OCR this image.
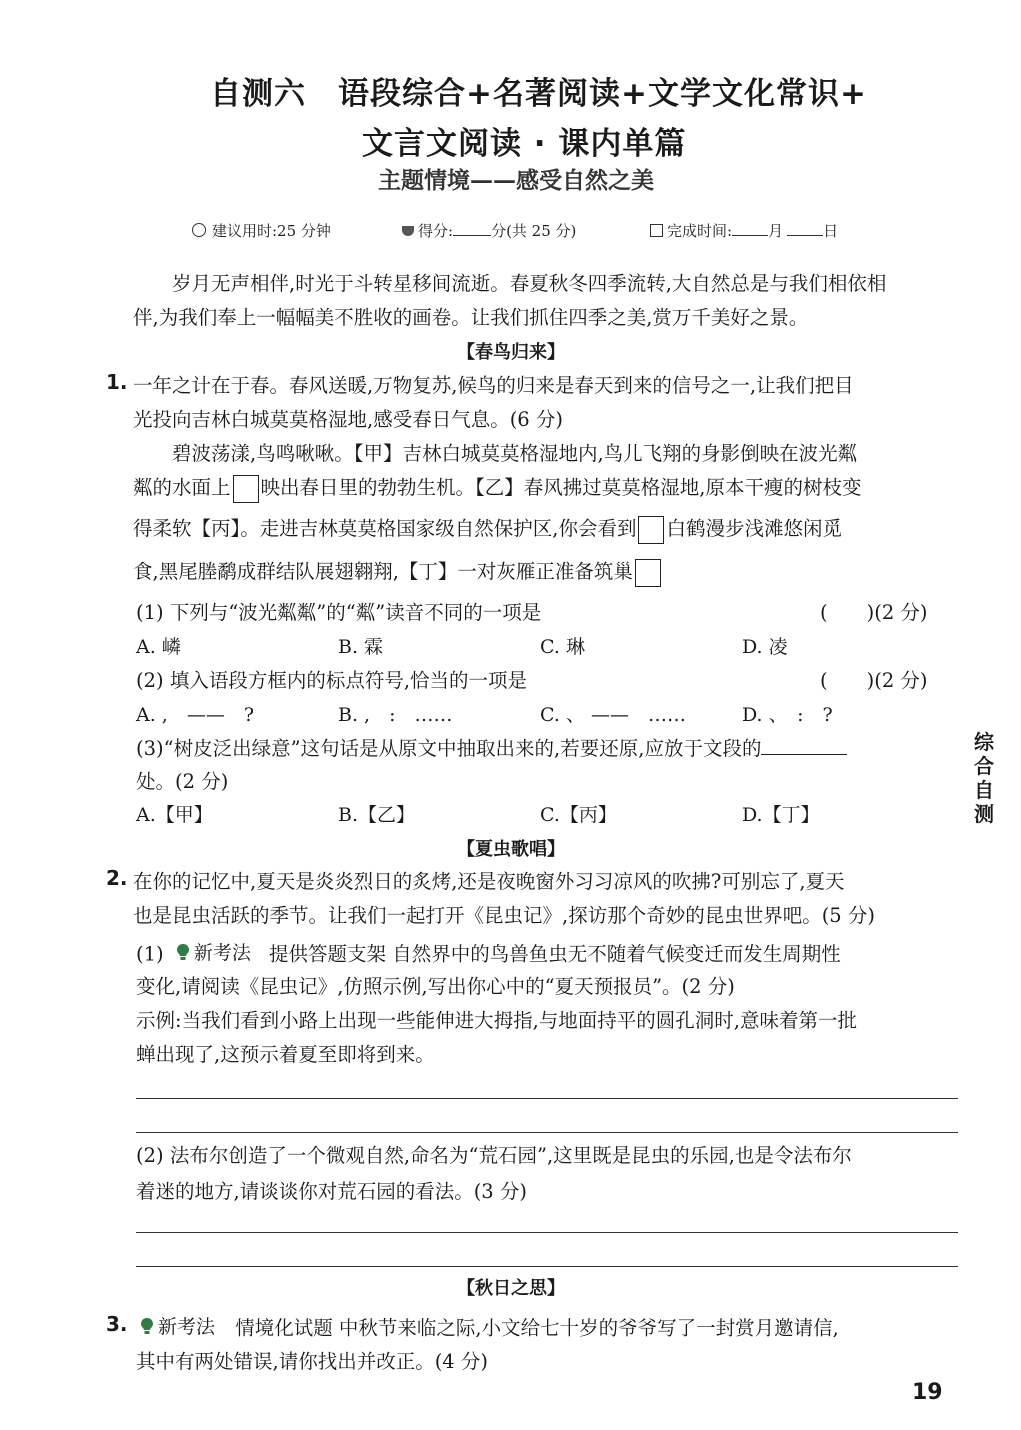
自测六　语段综合+名著阅读+文学文化常识+
文言文阅读 · 课内单篇
主题情境——感受自然之美
建议用时:25 分钟	得分:	分(共 25 分)	完成时间: 月	日
岁月无声相伴,时光于斗转星移间流逝。春夏秋冬四季流转,大自然总是与我们相依相
伴,为我们奉上一幅幅美不胜收的画卷。让我们抓住四季之美,赏万千美好之景。
【春鸟归来】
1. 一年之计在于春。春风送暖,万物复苏,候鸟的归来是春天到来的信号之一,让我们把目
光投向吉林白城莫莫格湿地,感受春日气息。(6 分)
碧波荡漾,鸟鸣啾啾。【甲】吉林白城莫莫格湿地内,鸟儿飞翔的身影倒映在波光粼
粼的水面上 映出春日里的勃勃生机。【乙】春风拂过莫莫格湿地,原本干瘦的树枝变
得柔软【丙】。走进吉林莫莫格国家级自然保护区,你会看到 白鹤漫步浅滩悠闲觅
食,黑尾塍鹬成群结队展翅翱翔,【丁】一对灰雁正准备筑巢
(1) 下列与“波光粼粼”的“粼”读音不同的一项是	(　　)(2 分)
A. 嶙	B. 霖	C. 琳	D. 凌
(2) 填入语段方框内的标点符号,恰当的一项是	(　　)(2 分)
A. ,　——　?	B. ,　:　……	C. 、 ——　……	D. 、　:　?
(3)“树皮泛出绿意”这句话是从原文中抽取出来的,若要还原,应放于文段的
处。(2 分)
A.【甲】	B.【乙】	C.【丙】	D.【丁】
【夏虫歌唱】
2. 在你的记忆中,夏天是炎炎烈日的炙烤,还是夜晚窗外习习凉风的吹拂?可别忘了,夏天
也是昆虫活跃的季节。让我们一起打开《昆虫记》,探访那个奇妙的昆虫世界吧。(5 分)
(1) 新考法 提供答题支架 自然界中的鸟兽鱼虫无不随着气候变迁而发生周期性
变化,请阅读《昆虫记》,仿照示例,写出你心中的“夏天预报员”。(2 分)
示例:当我们看到小路上出现一些能伸进大拇指,与地面持平的圆孔洞时,意味着第一批
蝉出现了,这预示着夏至即将到来。
(2) 法布尔创造了一个微观自然,命名为“荒石园”,这里既是昆虫的乐园,也是令法布尔
着迷的地方,请谈谈你对荒石园的看法。(3 分)
【秋日之思】
3. 新考法 情境化试题 中秋节来临之际,小文给七十岁的爷爷写了一封赏月邀请信,
其中有两处错误,请你找出并改正。(4 分)
综
合
自
测
19
